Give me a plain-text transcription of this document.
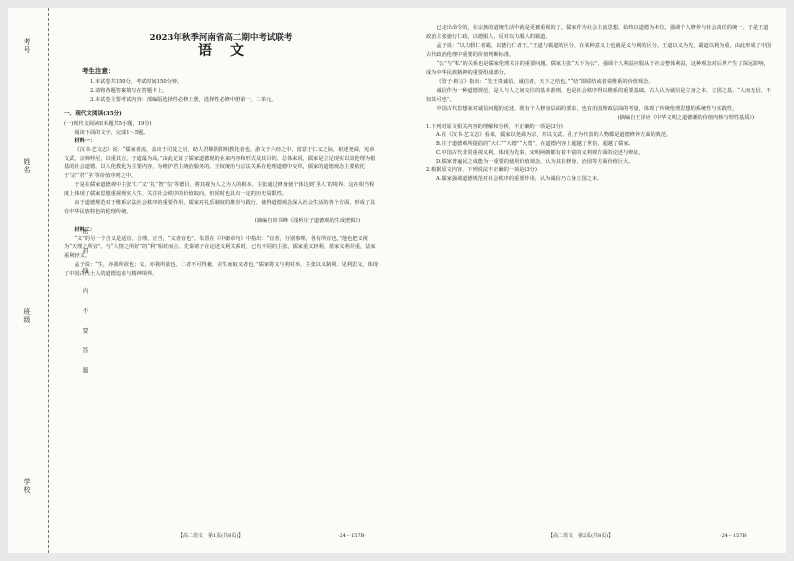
考号
姓名
班级
学校
密 封 线 内 不 要 答 题
2023年秋季河南省高二期中考试联考
语文
考生注意：
1.本试卷共150分，考试时间150分钟。
2.请将各题答案填写在答题卡上。
3.本试卷主要考试内容：部编版选择性必修上册，选择性必修中册第一、二单元。
一、现代文阅读(35分)
(一)现代文阅读Ⅰ(本题共5小题，19分)
阅读下面的文字，完成1～5题。
材料一：

《汉书·艺文志》说：“儒家者流，盖出于司徒之官，助人君顺阴阳明教化者也。游文于六经之中，留意于仁义之际，祖述尧舜，宪章文武，宗师仲尼，以重其言，于道最为高。”由此足证了儒家道德现的业来内容和形式及其目的。总体来说，儒家是立足现实以其伦理为根基的社会道德，以人伦教化为主要内容，为维护君主统治服务的。王权统治与宗法关系在伦理道德中交织，儒家的道德观念主要依托于‘宗’‘君’‘圣’等价值序列之中。

于是在儒家道德观中主张‘仁’‘义’‘礼’‘智’‘信’等德目，将其视为人之为人的根本，主张通过修身使个体达到‘圣人’的境界。这在相当程度上体现了儒家思想重视现实人生、关注社会秩序的价值取向，但同时也具有一定的历史局限性。

由于道德规范对于维系宗法社会秩序的重要作用，儒家对礼乐制度的推崇与践行，使得道德观念深入社会生活的各个方面，形成了具有中华民族特色的伦理传统。

(摘编自田书峰《浅析庄子道德观的生成逻辑》)
材料二：

“义”的另一个含义是适宜、合理、正当，“义者宜也”。朱熹在《中庸章句》中指出：“宜者，分别事理，各有所宜也。”他也把义视为“天理之所宜”。与“人情之所好”的“利”相对而言。先秦诸子在论述义利关系时，已有不同的主张，儒家重义轻利，墨家义利并重，法家重利轻义。

孟子说：“生，亦我所欲也；义，亦我所欲也。二者不可得兼，舍生而取义者也。”儒家将义与利对举，主张以义制利、见利思义，体现了中国古代士人的道德追求与精神境界。

已走出命令的，在宗族的道统生活中就是更被重视的了。儒家作为社会主流思想，始终以道德为本位，强调个人修养与社会责任的统一。于是王道政治主张施行仁政，以德服人，反对以力服人的霸道。

孟子说：“以力假仁者霸，以德行仁者王。”王道与霸道的区分，在某种意义上也就是义与利的区分。王道以义为先，霸道以利为重。由此形成了中国古代政治伦理中重要的价值判断标准。

“公”与“私”的关系也是儒家伦理关注的重要问题。儒家主张“天下为公”，强调个人利益应服从于社会整体利益，这种观念对后世产生了深远影响，成为中华民族精神的重要组成部分。

《管子·枢言》指出：“先王贵诚信。诚信者，天下之结也。”“结”即联结或者说维系的价值观念。

诚信作为一种道德规范，是人与人之间交往的基本准则，也是社会秩序得以维系的重要基础。古人认为诚信是立身之本、立国之基，“人而无信，不知其可也”。

中国古代思想家对诚信问题的论述，既有个人修身层面的要求，也有治国理政层面的考量，体现了传统伦理思想的系统性与实践性。

(摘编自王泽应《中华文明之道德潮的价值内核与理性基质》)
1.下列对原文相关内容的理解和分析，不正确的一项是(3分)
A.在《汉书·艺文志》看来，儒家以尧舜为宗，并以文武、孔子为代表的人物都是道德修养方面的典范。
B.庄子道德观所提倡的“大仁”“大德”“大勇”，在道德内容上超越了世俗，超越了儒家。
C.中国古代非常重视义利，体现为先秦、宋明两朝都有着丰富的义利观方面的论述与辩证。
D.儒家普遍民之成能为一重要的使用价值观念，认为其在修身、治国等方面价值巨大。
2.根据原文内容，下列说法不正确的一项是(3分)
A.儒家强调道德规范对社会秩序的重要作用，认为诚信乃立身立国之本。
【高二语文　第1页(共8页)】	·24－157B·	【高二语文　第2页(共8页)】	·24－157B·
